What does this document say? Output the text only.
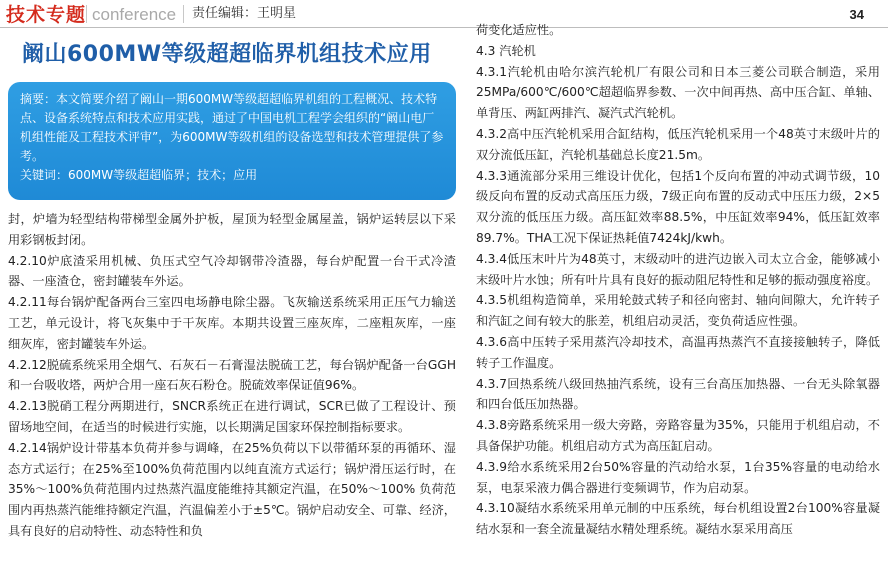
技术专题 conference 责任编辑：王明星	34
阚山600MW等级超超临界机组技术应用

摘要：本文简要介绍了阚山一期600MW等级超超临界机组的工程概况、技术特点、设备系统特点和技术应用实践，通过了中国电机工程学会组织的“阚山电厂机组性能及工程技术评审”，为600MW等级机组的设备选型和技术管理提供了参考。

关键词：600MW等级超超临界；技术；应用

封，炉墙为轻型结构带梯型金属外护板，屋顶为轻型金属屋盖，锅炉运转层以下采用彩钢板封闭。

4.2.10炉底渣采用机械、负压式空气冷却钢带冷渣器，每台炉配置一台干式冷渣器、一座渣仓，密封罐装车外运。

4.2.11每台锅炉配备两台三室四电场静电除尘器。飞灰输送系统采用正压气力输送工艺，单元设计，将飞灰集中于干灰库。本期共设置三座灰库，二座粗灰库，一座细灰库，密封罐装车外运。

4.2.12脱硫系统采用全烟气、石灰石－石膏湿法脱硫工艺，每台锅炉配备一台GGH和一台吸收塔，两炉合用一座石灰石粉仓。脱硫效率保证值96%。

4.2.13脱硝工程分两期进行，SNCR系统正在进行调试，SCR已做了工程设计、预留场地空间，在适当的时候进行实施，以长期满足国家环保控制指标要求。

4.2.14锅炉设计带基本负荷并参与调峰，在25%负荷以下以带循环泵的再循环、湿态方式运行；在25%至100%负荷范围内以纯直流方式运行；锅炉滑压运行时，在35%～100%负荷范围内过热蒸汽温度能维持其额定汽温，在50%～100% 负荷范围内再热蒸汽能维持额定汽温，汽温偏差小于±5℃。锅炉启动安全、可靠、经济，具有良好的启动特性、动态特性和负

荷变化适应性。

4.3 汽轮机

4.3.1汽轮机由哈尔滨汽轮机厂有限公司和日本三菱公司联合制造，采用25MPa/600℃/600℃超超临界参数、一次中间再热、高中压合缸、单轴、单背压、两缸两排汽、凝汽式汽轮机。

4.3.2高中压汽轮机采用合缸结构，低压汽轮机采用一个48英寸末级叶片的双分流低压缸，汽轮机基础总长度21.5m。

4.3.3通流部分采用三维设计优化，包括1个反向布置的冲动式调节级，10级反向布置的反动式高压压力级，7级正向布置的反动式中压压力级，2×5双分流的低压压力级。高压缸效率88.5%，中压缸效率94%，低压缸效率89.7%。THA工况下保证热耗值7424kJ/kwh。

4.3.4低压末叶片为48英寸，末级动叶的进汽边嵌入司太立合金，能够减小末级叶片水蚀；所有叶片具有良好的振动阻尼特性和足够的振动强度裕度。

4.3.5机组构造简单，采用轮鼓式转子和径向密封、轴向间隙大，允许转子和汽缸之间有较大的胀差，机组启动灵活，变负荷适应性强。

4.3.6高中压转子采用蒸汽冷却技术，高温再热蒸汽不直接接触转子，降低转子工作温度。

4.3.7回热系统八级回热抽汽系统，设有三台高压加热器、一台无头除氧器和四台低压加热器。

4.3.8旁路系统采用一级大旁路，旁路容量为35%，只能用于机组启动，不具备保护功能。机组启动方式为高压缸启动。

4.3.9给水系统采用2台50%容量的汽动给水泵，1台35%容量的电动给水泵，电泵采液力偶合器进行变频调节，作为启动泵。

4.3.10凝结水系统采用单元制的中压系统，每台机组设置2台100%容量凝结水泵和一套全流量凝结水精处理系统。凝结水泵采用高压
